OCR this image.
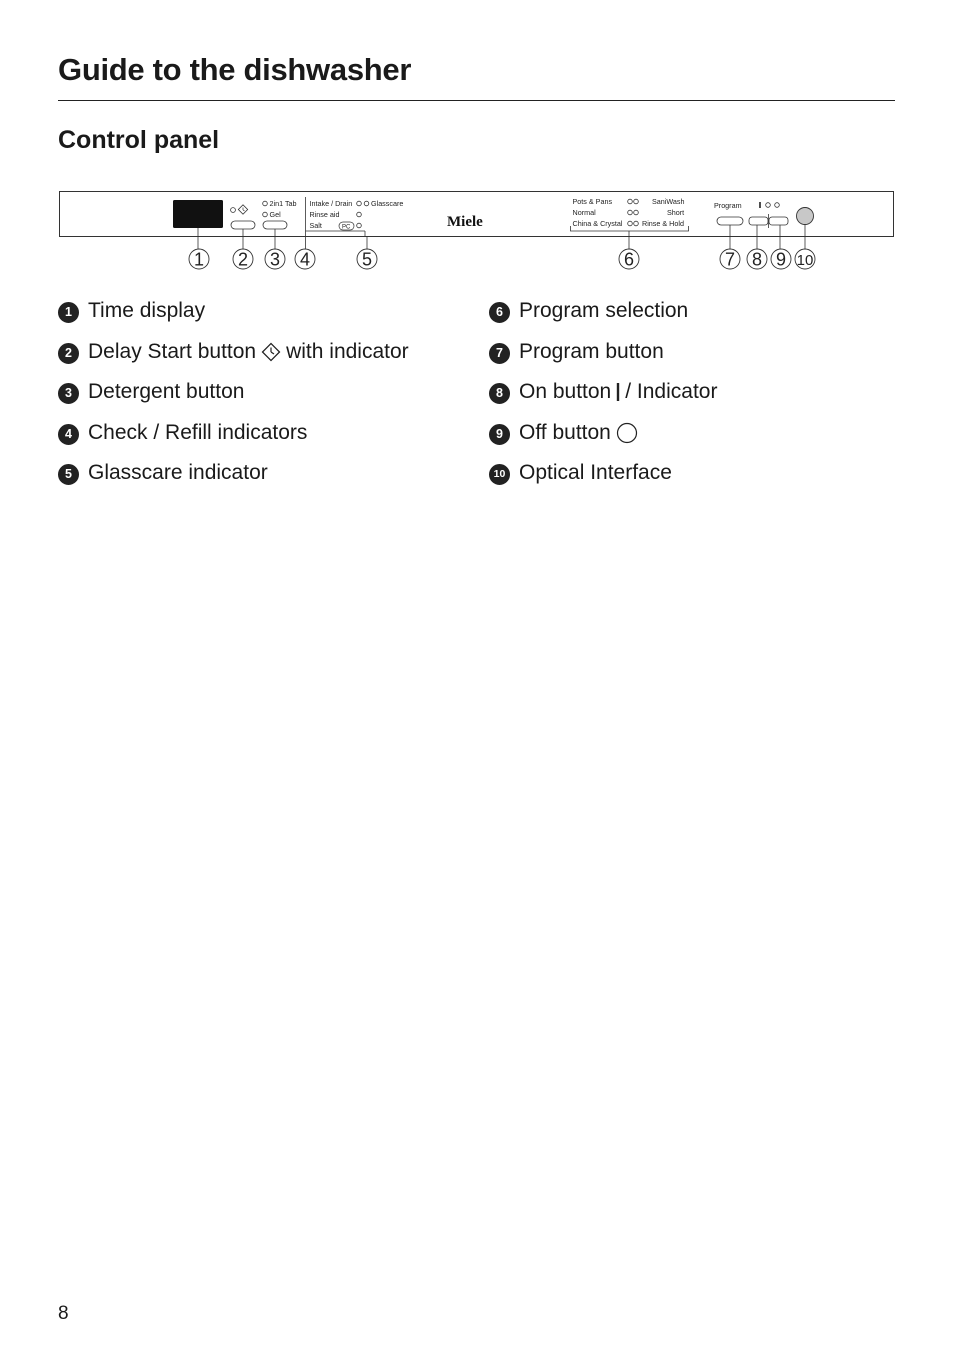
Guide to the dishwasher
Control panel
2in1 Tab
Gel
Intake / Drain	Glasscare
Rinse aid
Salt	PC	Miele
Pots & Pans
Normal
China & Crystal
SaniWash
Short
Rinse & Hold
Program
1 2 3 4	5	6	7 8 9 10
1 Time display
2 Delay Start button with indicator
3 Detergent button
4 Check / Refill indicators
5 Glasscare indicator
6 Program selection
7 Program button
8 On button / Indicator
9 Off button
10 Optical Interface
8
